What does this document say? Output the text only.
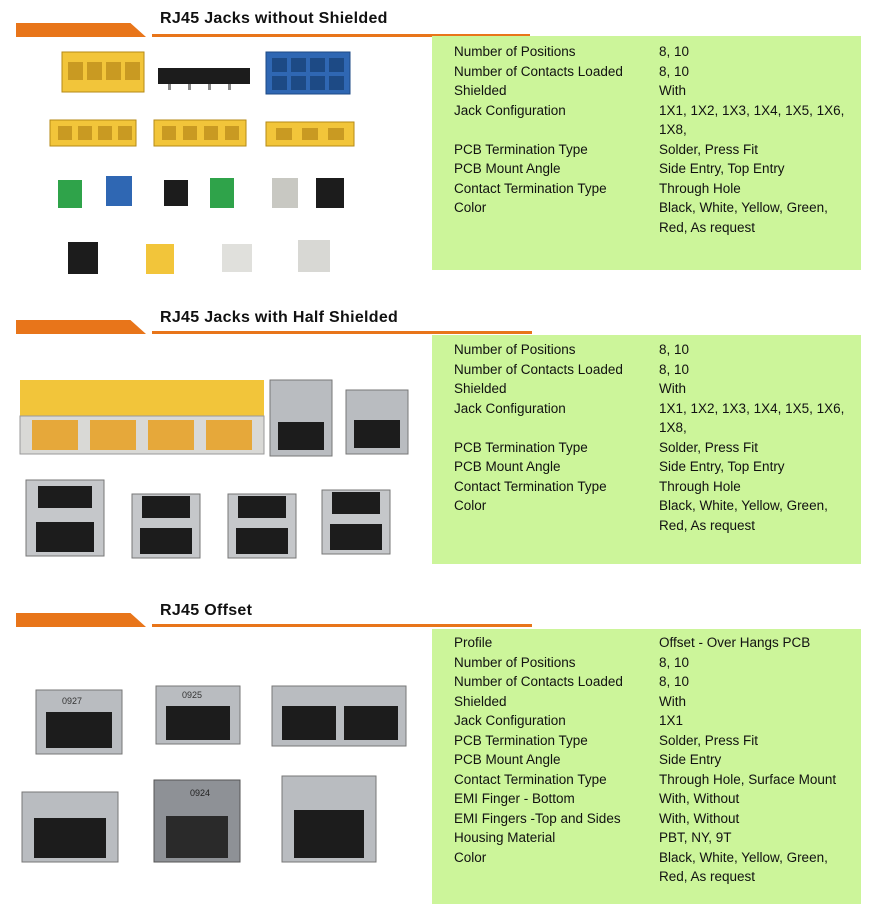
RJ45 Jacks without Shielded
Number of Positions	8, 10
Number of Contacts Loaded	8, 10
Shielded	With
Jack Configuration	1X1, 1X2, 1X3, 1X4, 1X5, 1X6, 1X8,
PCB Termination Type	Solder, Press Fit
PCB Mount Angle	Side Entry, Top Entry
Contact Termination Type	Through Hole
Color	Black, White, Yellow, Green, Red, As request
RJ45 Jacks with Half Shielded
Number of Positions	8, 10
Number of Contacts Loaded	8, 10
Shielded	With
Jack Configuration	1X1, 1X2, 1X3, 1X4, 1X5, 1X6, 1X8,
PCB Termination Type	Solder, Press Fit
PCB Mount Angle	Side Entry, Top Entry
Contact Termination Type	Through Hole
Color	Black, White, Yellow, Green, Red, As request
RJ45 Offset
0927
0925
0924
Profile	Offset - Over Hangs PCB
Number of Positions	8, 10
Number of Contacts Loaded	8, 10
Shielded	With
Jack Configuration	1X1
PCB Termination Type	Solder, Press Fit
PCB Mount Angle	Side Entry
Contact Termination Type	Through Hole, Surface Mount
EMI Finger - Bottom	With, Without
EMI Fingers -Top and Sides	With, Without
Housing Material	PBT, NY, 9T
Color	Black, White, Yellow, Green, Red, As request
